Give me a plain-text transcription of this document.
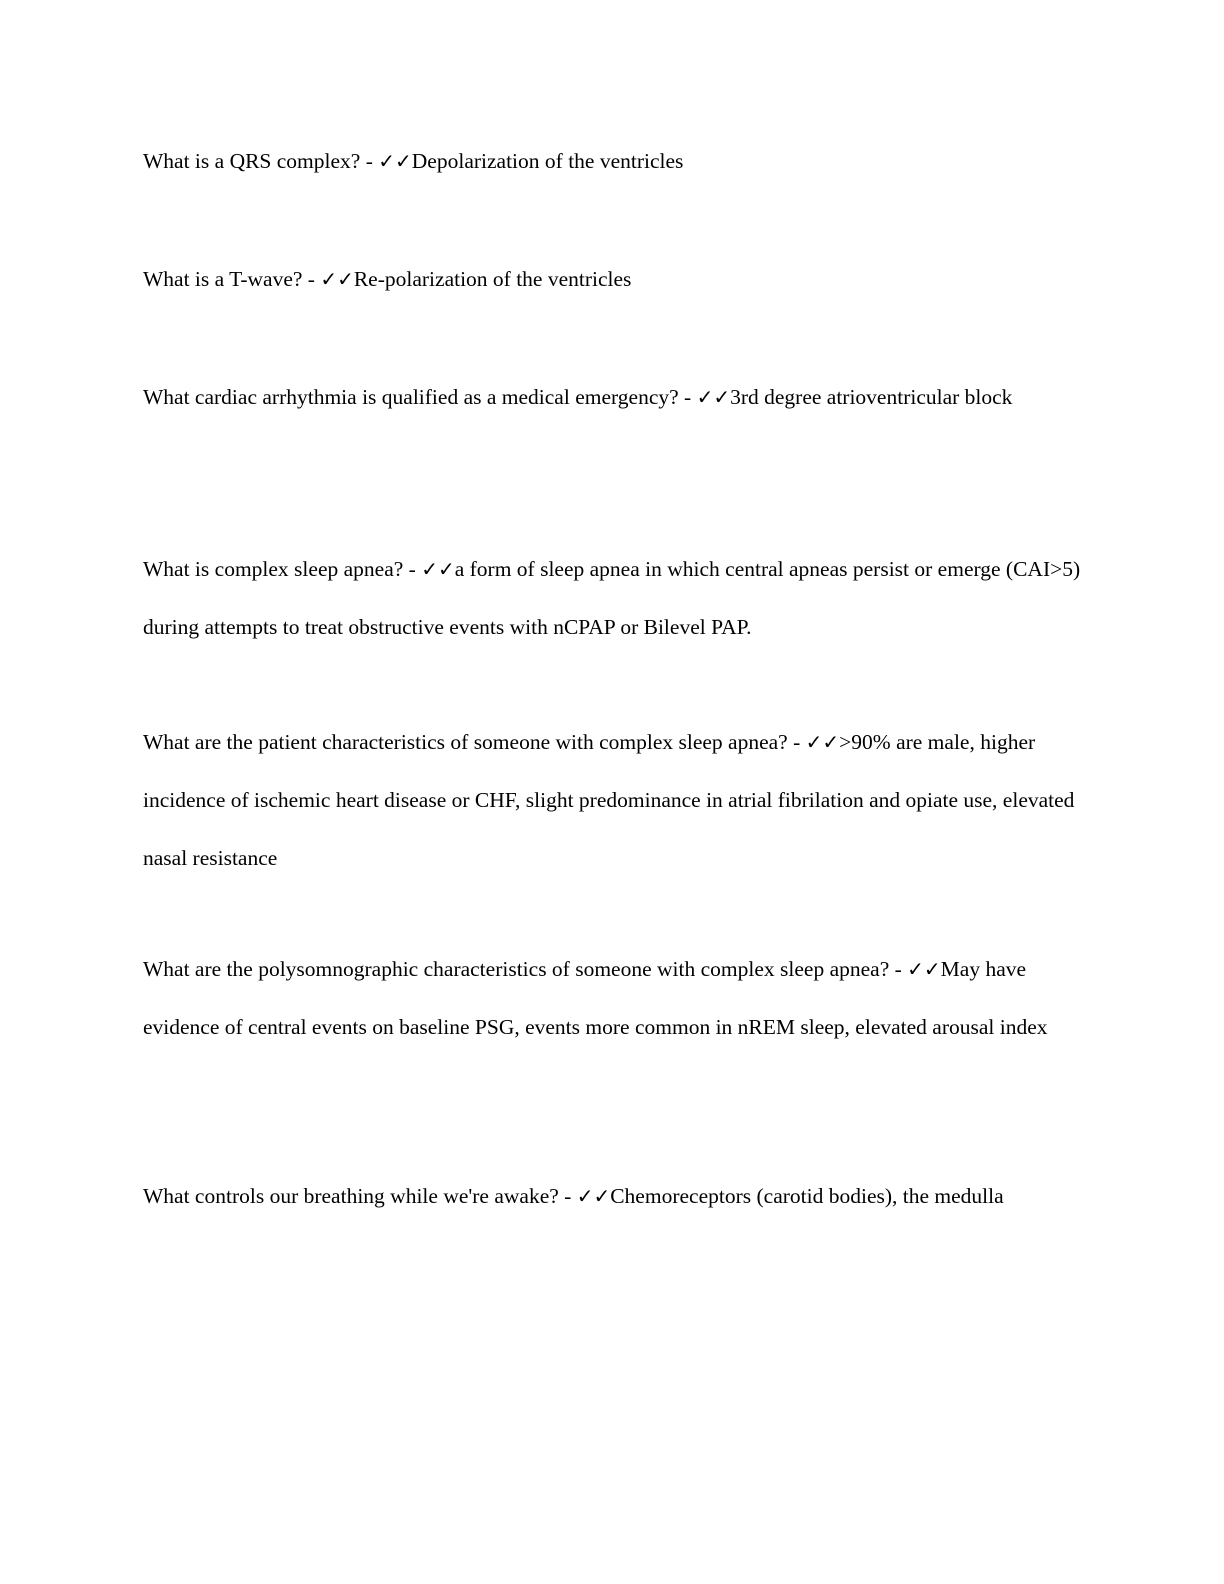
What is a QRS complex? - ✓✓Depolarization of the ventricles

What is a T-wave? - ✓✓Re-polarization of the ventricles

What cardiac arrhythmia is qualified as a medical emergency? - ✓✓3rd degree atrioventricular block

What is complex sleep apnea? - ✓✓a form of sleep apnea in which central apneas persist or emerge (CAI>5) during attempts to treat obstructive events with nCPAP or Bilevel PAP.

What are the patient characteristics of someone with complex sleep apnea? - ✓✓>90% are male, higher incidence of ischemic heart disease or CHF, slight predominance in atrial fibrilation and opiate use, elevated nasal resistance

What are the polysomnographic characteristics of someone with complex sleep apnea? - ✓✓May have evidence of central events on baseline PSG, events more common in nREM sleep, elevated arousal index

What controls our breathing while we're awake? - ✓✓Chemoreceptors (carotid bodies), the medulla
